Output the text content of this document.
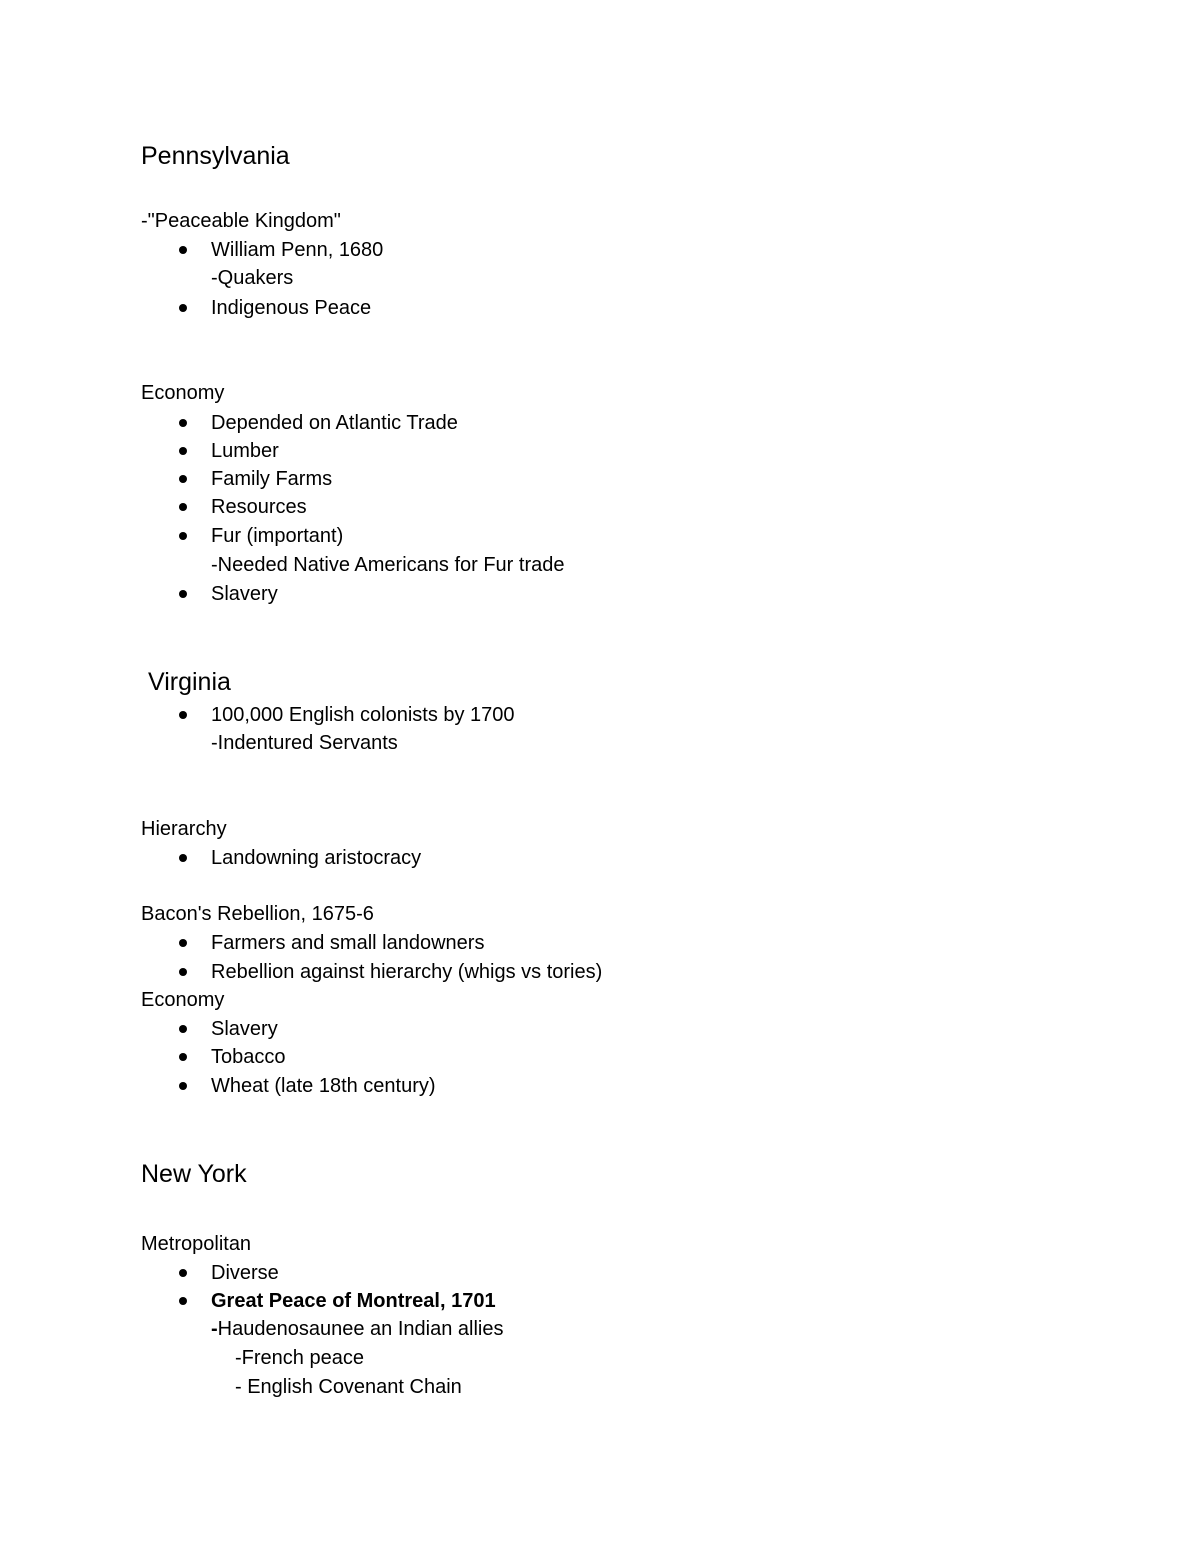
Pennsylvania
-"Peaceable Kingdom"
William Penn, 1680
-Quakers
Indigenous Peace
Economy
Depended on Atlantic Trade
Lumber
Family Farms
Resources
Fur (important)
-Needed Native Americans for Fur trade
Slavery
Virginia
100,000 English colonists by 1700
-Indentured Servants
Hierarchy
Landowning aristocracy
Bacon's Rebellion, 1675-6
Farmers and small landowners
Rebellion against hierarchy (whigs vs tories)
Economy
Slavery
Tobacco
Wheat (late 18th century)
New York
Metropolitan
Diverse
Great Peace of Montreal, 1701
-Haudenosaunee an Indian allies
-French peace
- English Covenant Chain
